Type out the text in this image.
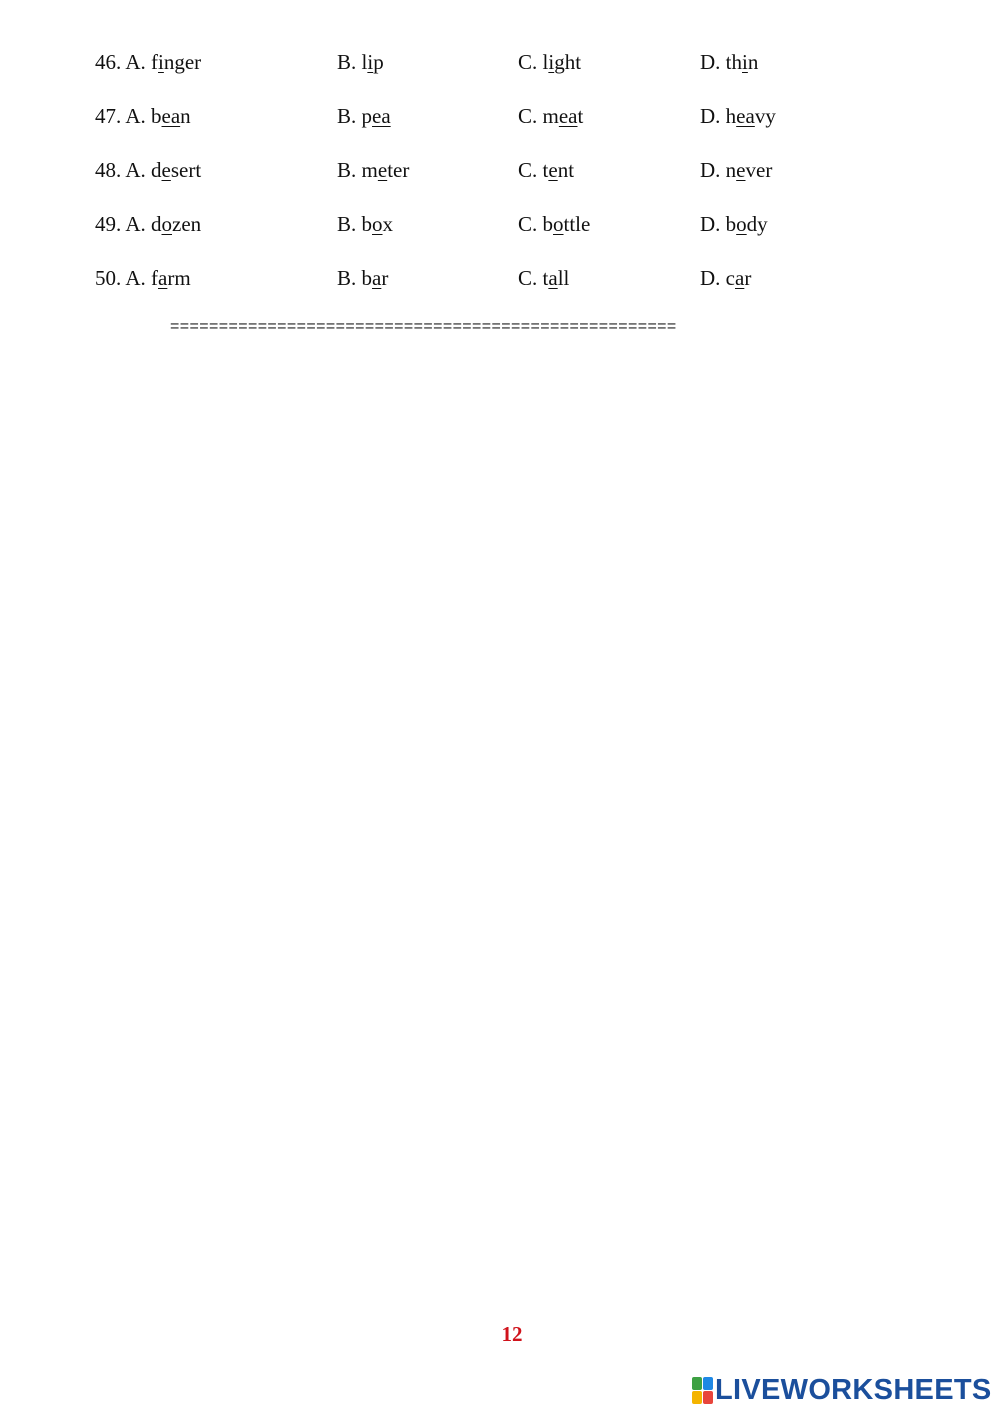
46. A. finger	B. lip	C. light	D. thin
47. A. bean	B. pea	C. meat	D. heavy
48. A. desert	B. meter	C. tent	D. never
49. A. dozen	B. box	C. bottle	D. body
50. A. farm	B. bar	C. tall	D. car
====================================================
12
LIVEWORKSHEETS
